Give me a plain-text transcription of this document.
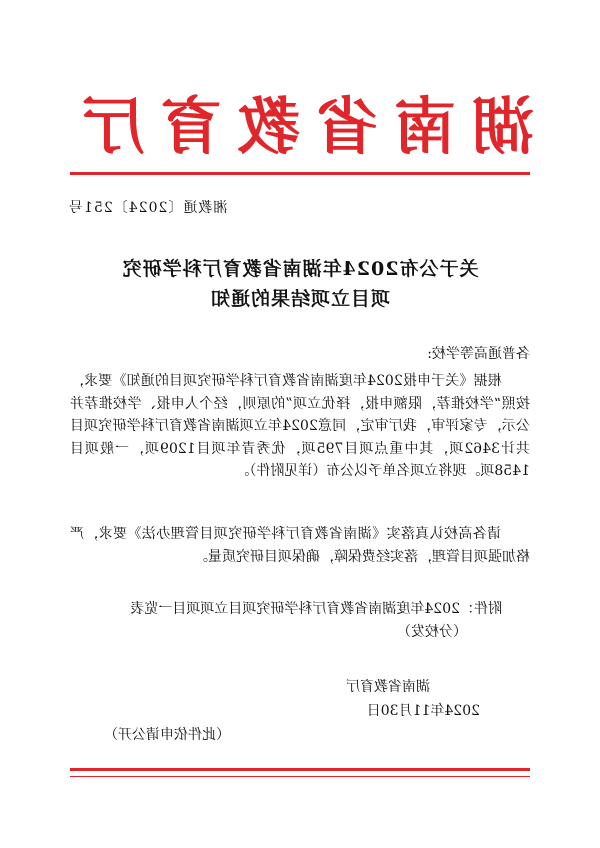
湖南省教育厅
湘教通〔2024〕251号
关于公布2024年湖南省教育厅科学研究
项目立项结果的通知
各普通高等学校:
　　根据《关于申报2024年度湖南省教育厅科学研究项目的通知》要求，按照“学校推荐，限额申报，择优立项”的原则，经个人申报、学校推荐并公示，专家评审，我厅审定，同意2024年立项湖南省教育厅科学研究项目共计3462项，其中重点项目795项，优秀青年项目1209项，一般项目1458项。现将立项名单予以公布（详见附件）。
　　请各高校认真落实《湖南省教育厅科学研究项目管理办法》要求，严格加强项目管理，落实经费保障，确保项目研究质量。
　　附件：2024年度湖南省教育厅科学研究项目立项项目一览表
　　　　　（分校发）
湖南省教育厅
2024年11月30日
（此件依申请公开）
